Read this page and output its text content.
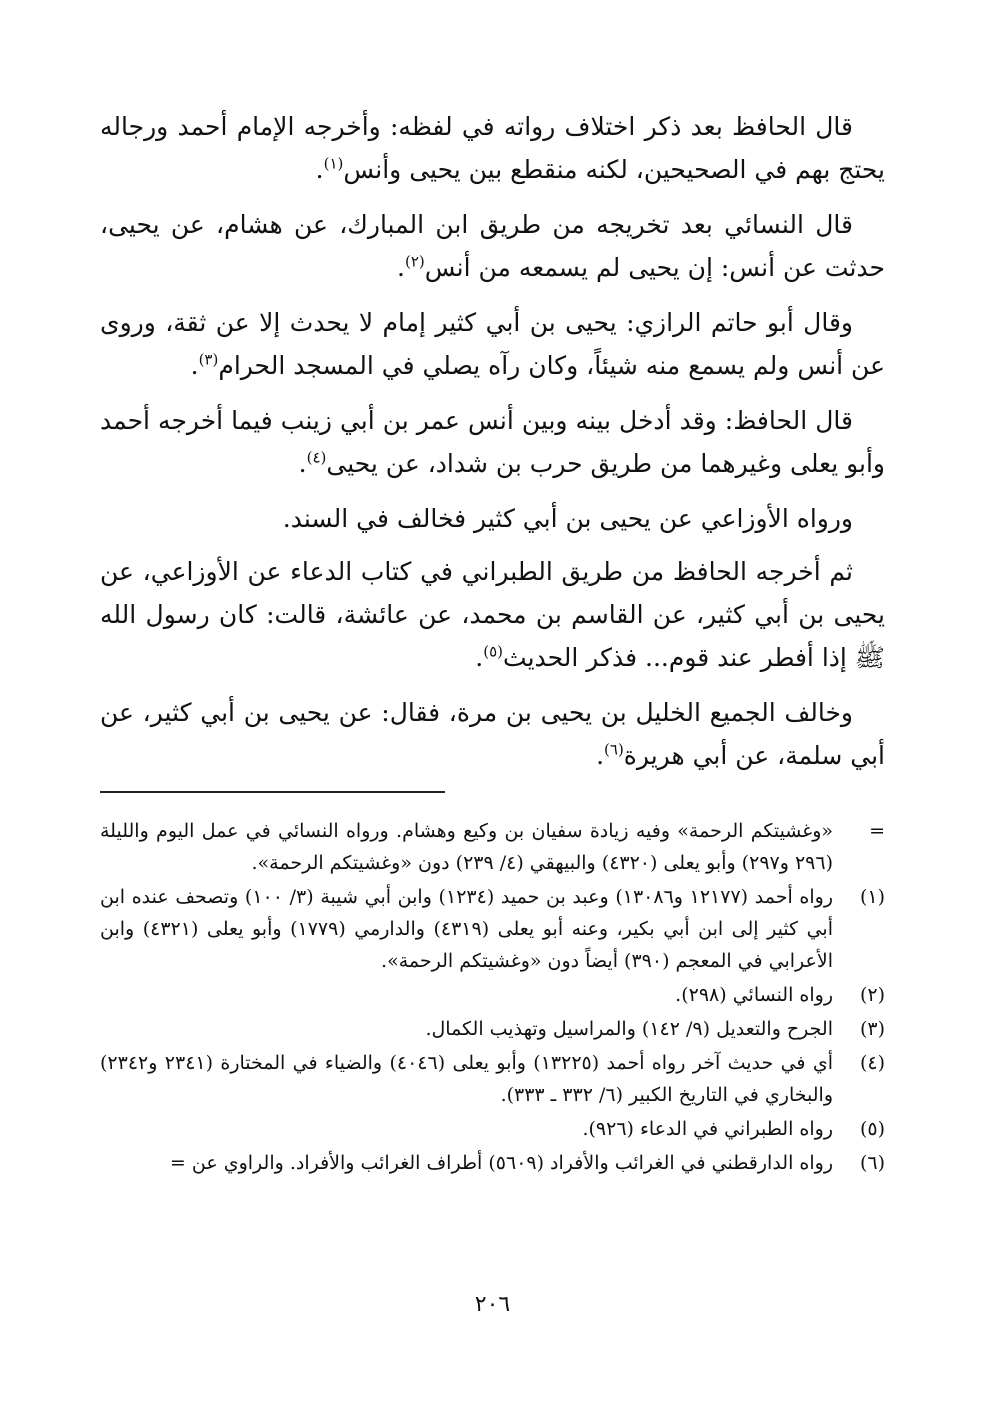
قال الحافظ بعد ذكر اختلاف رواته في لفظه: وأخرجه الإمام أحمد ورجاله يحتج بهم في الصحيحين، لكنه منقطع بين يحيى وأنس$^{(١)}$.

قال النسائي بعد تخريجه من طريق ابن المبارك، عن هشام، عن يحيى، حدثت عن أنس: إن يحيى لم يسمعه من أنس$^{(٢)}$.

وقال أبو حاتم الرازي: يحيى بن أبي كثير إمام لا يحدث إلا عن ثقة، وروى عن أنس ولم يسمع منه شيئاً، وكان رآه يصلي في المسجد الحرام$^{(٣)}$.

قال الحافظ: وقد أدخل بينه وبين أنس عمر بن أبي زينب فيما أخرجه أحمد وأبو يعلى وغيرهما من طريق حرب بن شداد، عن يحيى$^{(٤)}$.

ورواه الأوزاعي عن يحيى بن أبي كثير فخالف في السند.

ثم أخرجه الحافظ من طريق الطبراني في كتاب الدعاء عن الأوزاعي، عن يحيى بن أبي كثير، عن القاسم بن محمد، عن عائشة، قالت: كان رسول الله ﷺ إذا أفطر عند قوم... فذكر الحديث$^{(٥)}$.

وخالف الجميع الخليل بن يحيى بن مرة، فقال: عن يحيى بن أبي كثير، عن أبي سلمة، عن أبي هريرة$^{(٦)}$.

=
«وغشيتكم الرحمة» وفيه زيادة سفيان بن وكيع وهشام. ورواه النسائي في عمل اليوم والليلة (٢٩٦ و٢٩٧) وأبو يعلى (٤٣٢٠) والبيهقي (٤/ ٢٣٩) دون «وغشيتكم الرحمة».
(١)
رواه أحمد (١٢١٧٧ و١٣٠٨٦) وعبد بن حميد (١٢٣٤) وابن أبي شيبة (٣/ ١٠٠) وتصحف عنده ابن أبي كثير إلى ابن أبي بكير، وعنه أبو يعلى (٤٣١٩) والدارمي (١٧٧٩) وأبو يعلى (٤٣٢١) وابن الأعرابي في المعجم (٣٩٠) أيضاً دون «وغشيتكم الرحمة».
(٢)
رواه النسائي (٢٩٨).
(٣)
الجرح والتعديل (٩/ ١٤٢) والمراسيل وتهذيب الكمال.
(٤)
أي في حديث آخر رواه أحمد (١٣٢٢٥) وأبو يعلى (٤٠٤٦) والضياء في المختارة (٢٣٤١ و٢٣٤٢) والبخاري في التاريخ الكبير (٦/ ٣٣٢ ـ ٣٣٣).
(٥)
رواه الطبراني في الدعاء (٩٢٦).
(٦)
رواه الدارقطني في الغرائب والأفراد (٥٦٠٩) أطراف الغرائب والأفراد. والراوي عن =
٢٠٦
